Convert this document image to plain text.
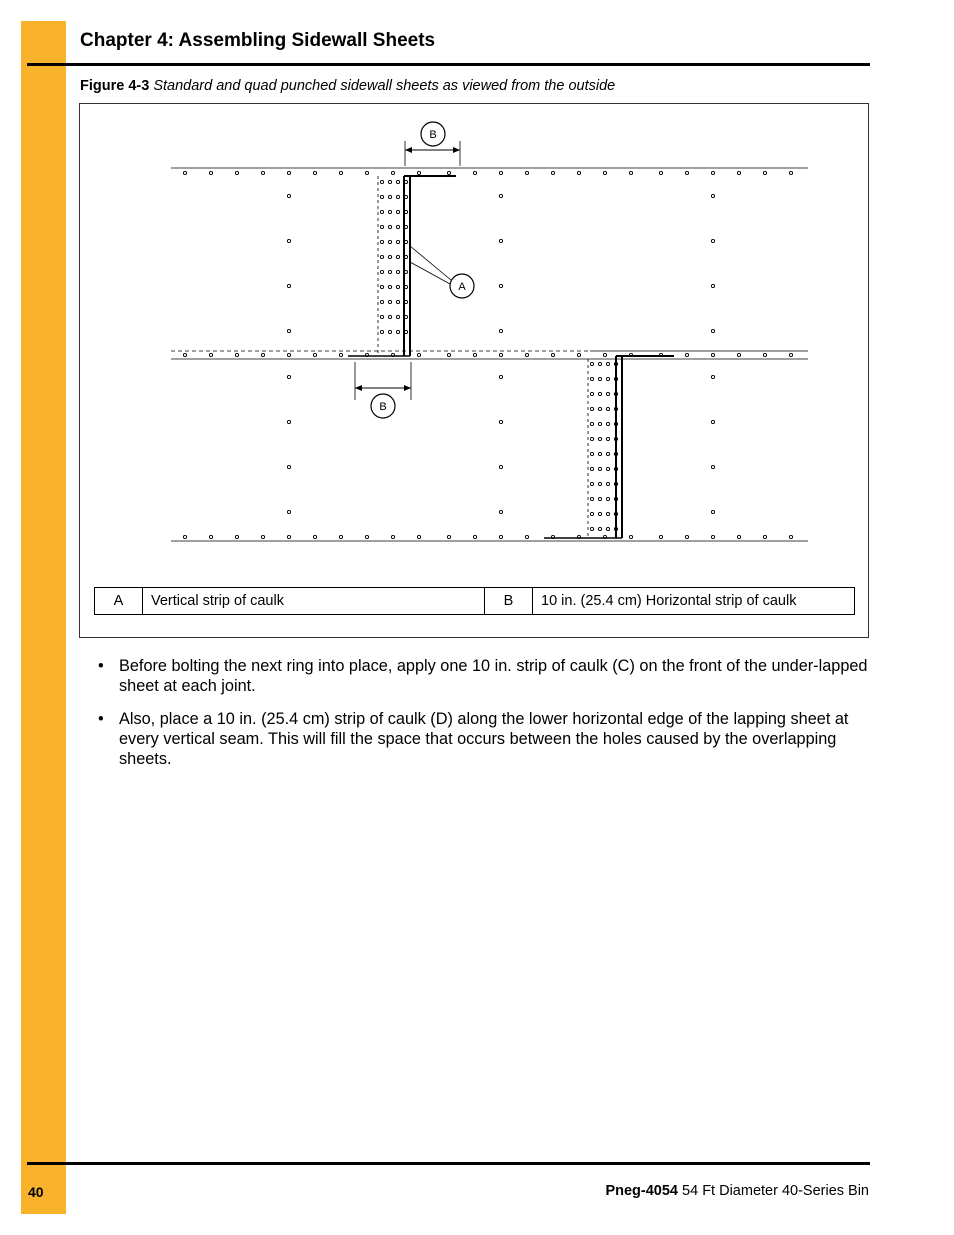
Chapter 4: Assembling Sidewall Sheets
Figure 4-3 Standard and quad punched sidewall sheets as viewed from the outside
A
B
B
A	Vertical strip of caulk	B	10 in. (25.4 cm) Horizontal strip of caulk
• Before bolting the next ring into place, apply one 10 in. strip of caulk (C) on the front of the under-lapped sheet at each joint.
• Also, place a 10 in. (25.4 cm) strip of caulk (D) along the lower horizontal edge of the lapping sheet at every vertical seam. This will fill the space that occurs between the holes caused by the overlapping sheets.
40	Pneg-4054 54 Ft Diameter 40-Series Bin
